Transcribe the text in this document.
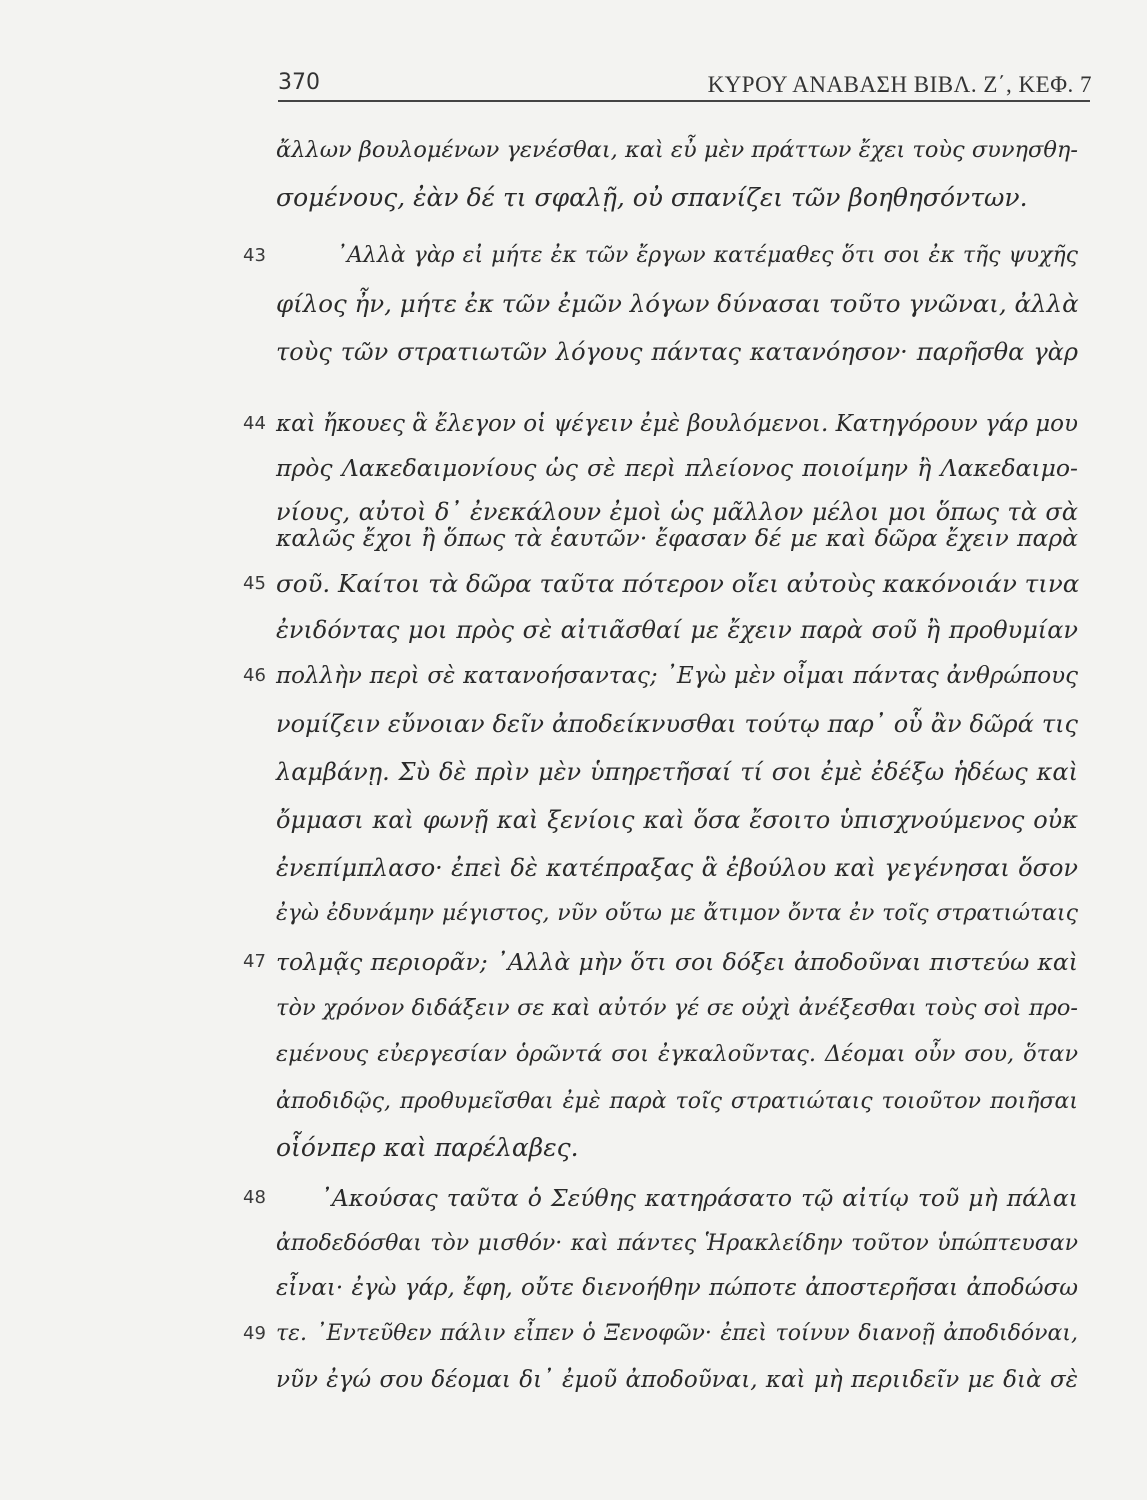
370	ΚΥΡΟΥ ΑΝΑΒΑΣΗ ΒΙΒΛ. Ζ΄, ΚΕΦ. 7
43
44
45
46
47
48
49
ἄλλων βουλομένων γενέσθαι, καὶ εὖ μὲν πράττων ἔχει τοὺς συνησθη-
σομένους, ἐὰν δέ τι σφαλῇ, οὐ σπανίζει τῶν βοηθησόντων.
᾿Αλλὰ γὰρ εἰ μήτε ἐκ τῶν ἔργων κατέμαθες ὅτι σοι ἐκ τῆς ψυχῆς
φίλος ἦν, μήτε ἐκ τῶν ἐμῶν λόγων δύνασαι τοῦτο γνῶναι, ἀλλὰ
τοὺς τῶν στρατιωτῶν λόγους πάντας κατανόησον· παρῆσθα γὰρ
καὶ ἤκουες ἃ ἔλεγον οἱ ψέγειν ἐμὲ βουλόμενοι. Κατηγόρουν γάρ μου
πρὸς Λακεδαιμονίους ὡς σὲ περὶ πλείονος ποιοίμην ἢ Λακεδαιμο-
νίους, αὐτοὶ δ᾿ ἐνεκάλουν ἐμοὶ ὡς μᾶλλον μέλοι μοι ὅπως τὰ σὰ
καλῶς ἔχοι ἢ ὅπως τὰ ἑαυτῶν· ἔφασαν δέ με καὶ δῶρα ἔχειν παρὰ
σοῦ. Καίτοι τὰ δῶρα ταῦτα πότερον οἴει αὐτοὺς κακόνοιάν τινα
ἐνιδόντας μοι πρὸς σὲ αἰτιᾶσθαί με ἔχειν παρὰ σοῦ ἢ προθυμίαν
πολλὴν περὶ σὲ κατανοήσαντας; ᾿Εγὼ μὲν οἶμαι πάντας ἀνθρώπους
νομίζειν εὔνοιαν δεῖν ἀποδείκνυσθαι τούτῳ παρ᾿ οὗ ἂν δῶρά τις
λαμβάνῃ. Σὺ δὲ πρὶν μὲν ὑπηρετῆσαί τί σοι ἐμὲ ἐδέξω ἡδέως καὶ
ὄμμασι καὶ φωνῇ καὶ ξενίοις καὶ ὅσα ἔσοιτο ὑπισχνούμενος οὐκ
ἐνεπίμπλασο· ἐπεὶ δὲ κατέπραξας ἃ ἐβούλου καὶ γεγένησαι ὅσον
ἐγὼ ἐδυνάμην μέγιστος, νῦν οὕτω με ἄτιμον ὄντα ἐν τοῖς στρατιώταις
τολμᾷς περιορᾶν; ᾿Αλλὰ μὴν ὅτι σοι δόξει ἀποδοῦναι πιστεύω καὶ
τὸν χρόνον διδάξειν σε καὶ αὐτόν γέ σε οὐχὶ ἀνέξεσθαι τοὺς σοὶ προ-
εμένους εὐεργεσίαν ὁρῶντά σοι ἐγκαλοῦντας. Δέομαι οὖν σου, ὅταν
ἀποδιδῷς, προθυμεῖσθαι ἐμὲ παρὰ τοῖς στρατιώταις τοιοῦτον ποιῆσαι
οἷόνπερ καὶ παρέλαβες.
᾿Ακούσας ταῦτα ὁ Σεύθης κατηράσατο τῷ αἰτίῳ τοῦ μὴ πάλαι
ἀποδεδόσθαι τὸν μισθόν· καὶ πάντες Ἡρακλείδην τοῦτον ὑπώπτευσαν
εἶναι· ἐγὼ γάρ, ἔφη, οὔτε διενοήθην πώποτε ἀποστερῆσαι ἀποδώσω
τε. ᾿Εντεῦθεν πάλιν εἶπεν ὁ Ξενοφῶν· ἐπεὶ τοίνυν διανοῇ ἀποδιδόναι,
νῦν ἐγώ σου δέομαι δι᾿ ἐμοῦ ἀποδοῦναι, καὶ μὴ περιιδεῖν με διὰ σὲ
